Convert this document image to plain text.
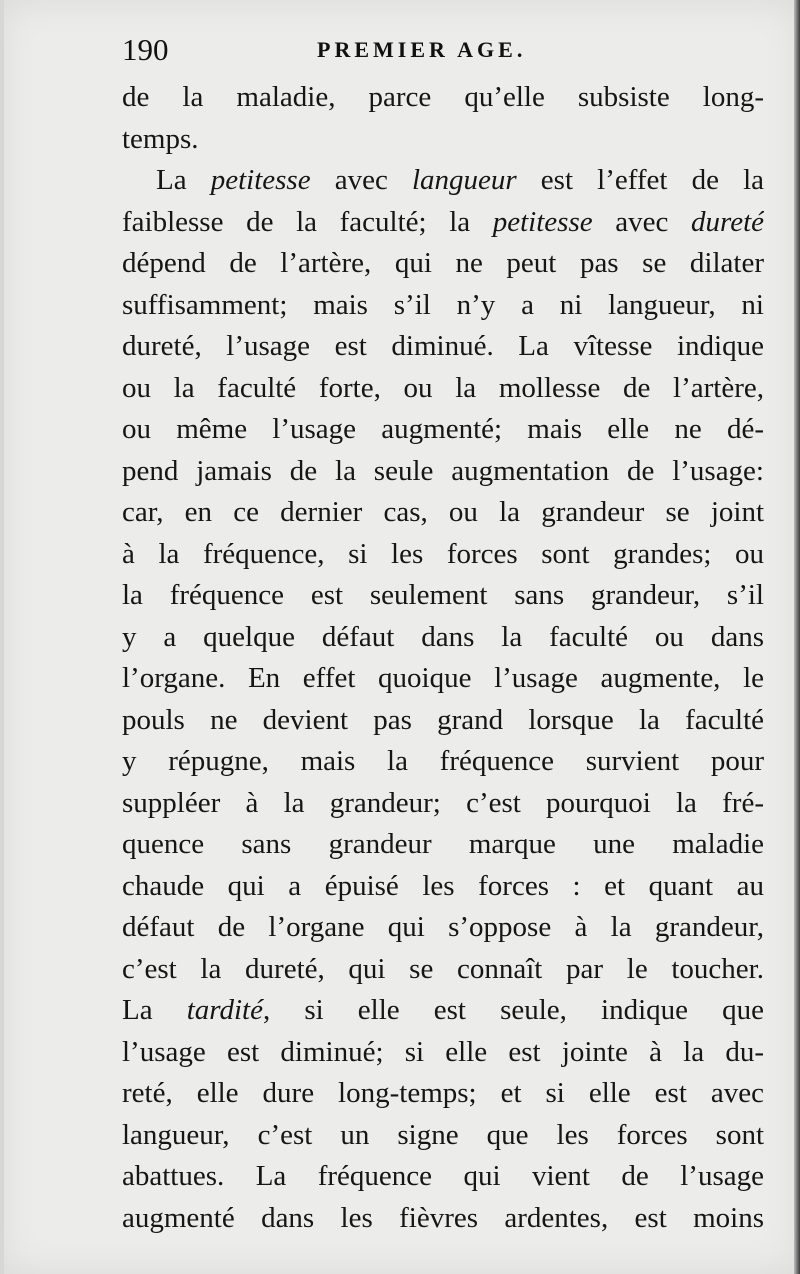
190	PREMIER AGE.
de la maladie, parce qu’elle subsiste long-
temps.
La petitesse avec langueur est l’effet de la
faiblesse de la faculté; la petitesse avec dureté
dépend de l’artère, qui ne peut pas se dilater
suffisamment; mais s’il n’y a ni langueur, ni
dureté, l’usage est diminué. La vîtesse indique
ou la faculté forte, ou la mollesse de l’artère,
ou même l’usage augmenté; mais elle ne dé-
pend jamais de la seule augmentation de l’usage:
car, en ce dernier cas, ou la grandeur se joint
à la fréquence, si les forces sont grandes; ou
la fréquence est seulement sans grandeur, s’il
y a quelque défaut dans la faculté ou dans
l’organe. En effet quoique l’usage augmente, le
pouls ne devient pas grand lorsque la faculté
y répugne, mais la fréquence survient pour
suppléer à la grandeur; c’est pourquoi la fré-
quence sans grandeur marque une maladie
chaude qui a épuisé les forces : et quant au
défaut de l’organe qui s’oppose à la grandeur,
c’est la dureté, qui se connaît par le toucher.
La tardité, si elle est seule, indique que
l’usage est diminué; si elle est jointe à la du-
reté, elle dure long-temps; et si elle est avec
langueur, c’est un signe que les forces sont
abattues. La fréquence qui vient de l’usage
augmenté dans les fièvres ardentes, est moins
